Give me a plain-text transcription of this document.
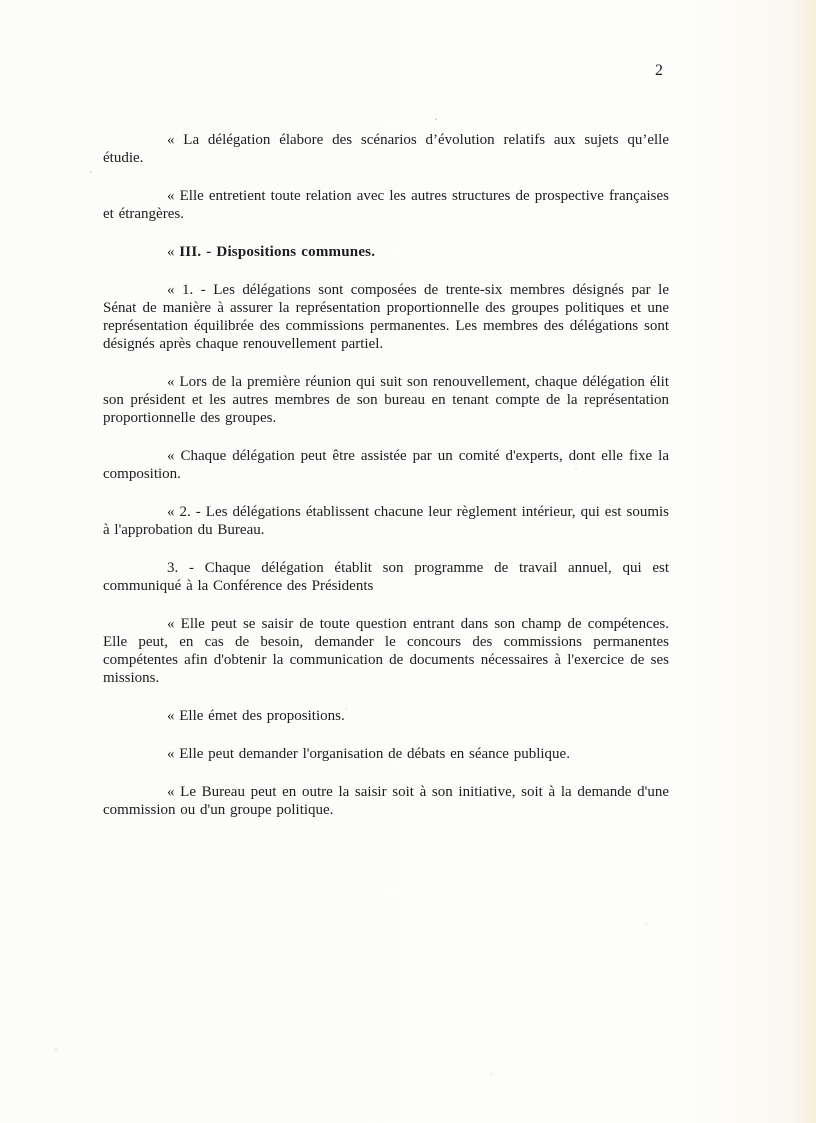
2

« La délégation élabore des scénarios d’évolution relatifs aux sujets qu’elle étudie.

« Elle entretient toute relation avec les autres structures de prospective françaises et étrangères.

« III. - Dispositions communes.

« 1. - Les délégations sont composées de trente-six membres désignés par le Sénat de manière à assurer la représentation proportionnelle des groupes politiques et une représentation équilibrée des commissions permanentes. Les membres des délégations sont désignés après chaque renouvellement partiel.

« Lors de la première réunion qui suit son renouvellement, chaque délégation élit son président et les autres membres de son bureau en tenant compte de la représentation proportionnelle des groupes.

« Chaque délégation peut être assistée par un comité d'experts, dont elle fixe la composition.

« 2. - Les délégations établissent chacune leur règlement intérieur, qui est soumis à l'approbation du Bureau.

3. - Chaque délégation établit son programme de travail annuel, qui est communiqué à la Conférence des Présidents

« Elle peut se saisir de toute question entrant dans son champ de compétences. Elle peut, en cas de besoin, demander le concours des commissions permanentes compétentes afin d'obtenir la communication de documents nécessaires à l'exercice de ses missions.

« Elle émet des propositions.

« Elle peut demander l'organisation de débats en séance publique.

« Le Bureau peut en outre la saisir soit à son initiative, soit à la demande d'une commission ou d'un groupe politique.
